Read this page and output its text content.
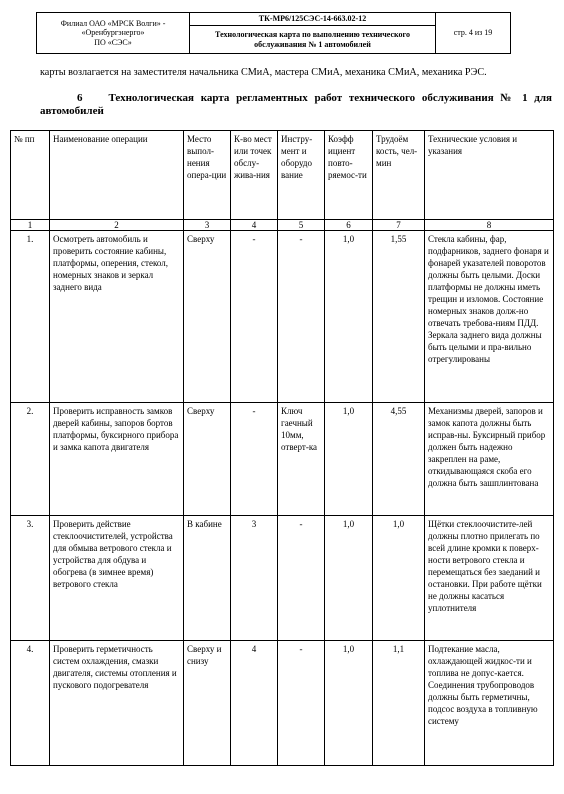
Филиал ОАО «МРСК Волги» -
«Оренбургэнерго»
ПО «СЭС»
	ТК-МР6/125СЭС-14-663.02-12	стр. 4 из 19
Технологическая карта по выполнению технического обслуживания № 1 автомобилей
карты возлагается на заместителя начальника СМиА, мастера СМиА, механика СМиА, механика РЭС.
6 Технологическая карта регламентных работ технического обслуживания № 1 для автомобилей
№ пп	Наименование операции	Место выпол-нения опера-ции	К-во мест или точек обслу-жива-ния	Инстру-мент и оборудо вание	Коэфф ициент повто-ряемос-ти	Трудоём кость, чел-мин	Технические условия и указания
1	2	3	4	5	6	7	8
1.	Осмотреть автомобиль и проверить состояние кабины, платформы, оперения, стекол, номерных знаков и зеркал заднего вида	Сверху	-	-	1,0	1,55	Стекла кабины, фар, подфарников, заднего фонаря и фонарей указателей поворотов должны быть целыми. Доски платформы не должны иметь трещин и изломов. Состояние номерных знаков долж-но отвечать требова-ниям ПДД. Зеркала заднего вида должны быть целыми и пра-вильно отрегулированы
2.	Проверить исправность замков дверей кабины, запоров бортов платформы, буксирного прибора и замка капота двигателя	Сверху	-	Ключ гаечный 10мм, отверт-ка	1,0	4,55	Механизмы дверей, запоров и замок капота должны быть исправ-ны. Буксирный прибор должен быть надежно закреплен на раме, откидывающаяся скоба его должна быть зашплинтована
3.	Проверить действие стеклоочистителей, устройства для обмыва ветрового стекла и устройства для обдува и обогрева (в зимнее время) ветрового стекла	В кабине	3	-	1,0	1,0	Щётки стеклоочистите-лей должны плотно прилегать по всей длине кромки к поверх-ности ветрового стекла и перемещаться без заеданий и остановки. При работе щётки не должны касаться уплотнителя
4.	Проверить герметичность систем охлаждения, смазки двигателя, системы отопления и пускового подогревателя	Сверху и снизу	4	-	1,0	1,1	Подтекание масла, охлаждающей жидкос-ти и топлива не допус-кается. Соединения трубопроводов должны быть герметичны, подсос воздуха в топливную систему
